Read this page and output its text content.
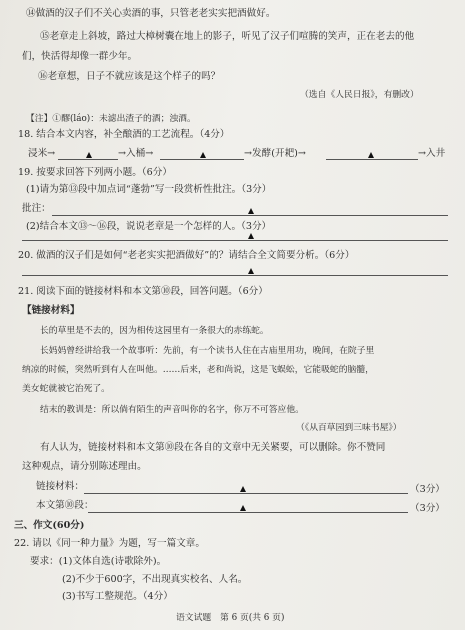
⑭做酒的汉子们不关心卖酒的事，只管老老实实把酒做好。
⑮老章走上斜坡，路过大樟树囊在地上的影子，听见了汉子们喧腾的笑声，正在老去的他
们，快活得却像一群少年。
⑯老章想，日子不就应该是这个样子的吗？
（选自《人民日报》，有删改）
【注】①醪(láo)：未滤出渣子的酒；浊酒。
18. 结合本文内容，补全酿酒的工艺流程。（4分）
浸米→	→入桶→	→发酵(开耙)→	→入井
19. 按要求回答下列两小题。（6分）
(1)请为第⑬段中加点词“蓬勃”写一段赏析性批注。（3分）
批注：
(2)结合本文⑬～⑯段，说说老章是一个怎样的人。（3分）
20. 做酒的汉子们是如何“老老实实把酒做好”的？请结合全文简要分析。（6分）
21. 阅读下面的链接材料和本文第⑩段，回答问题。（6分）
【链接材料】
长的草里是不去的，因为相传这园里有一条很大的赤练蛇。
长妈妈曾经讲给我一个故事听：先前，有一个读书人住在古庙里用功，晚间，在院子里
纳凉的时候，突然听到有人在叫他。……后来，老和尚说，这是飞蜈蚣，它能吸蛇的脑髓，
美女蛇就被它治死了。
结末的教训是：所以倘有陌生的声音叫你的名字，你万不可答应他。
（《从百草园到三味书屋》）
有人认为，链接材料和本文第⑩段在各自的文章中无关紧要，可以删除。你不赞同
这种观点，请分别陈述理由。
链接材料：	（3分）
本文第⑩段：	（3分）
三、作文(60分)
22. 请以《同一种力量》为题，写一篇文章。
要求：(1)文体自选(诗歌除外)。
(2)不少于600字，不出现真实校名、人名。
(3)书写工整规范。（4分）
语文试题　第 6 页(共 6 页)
